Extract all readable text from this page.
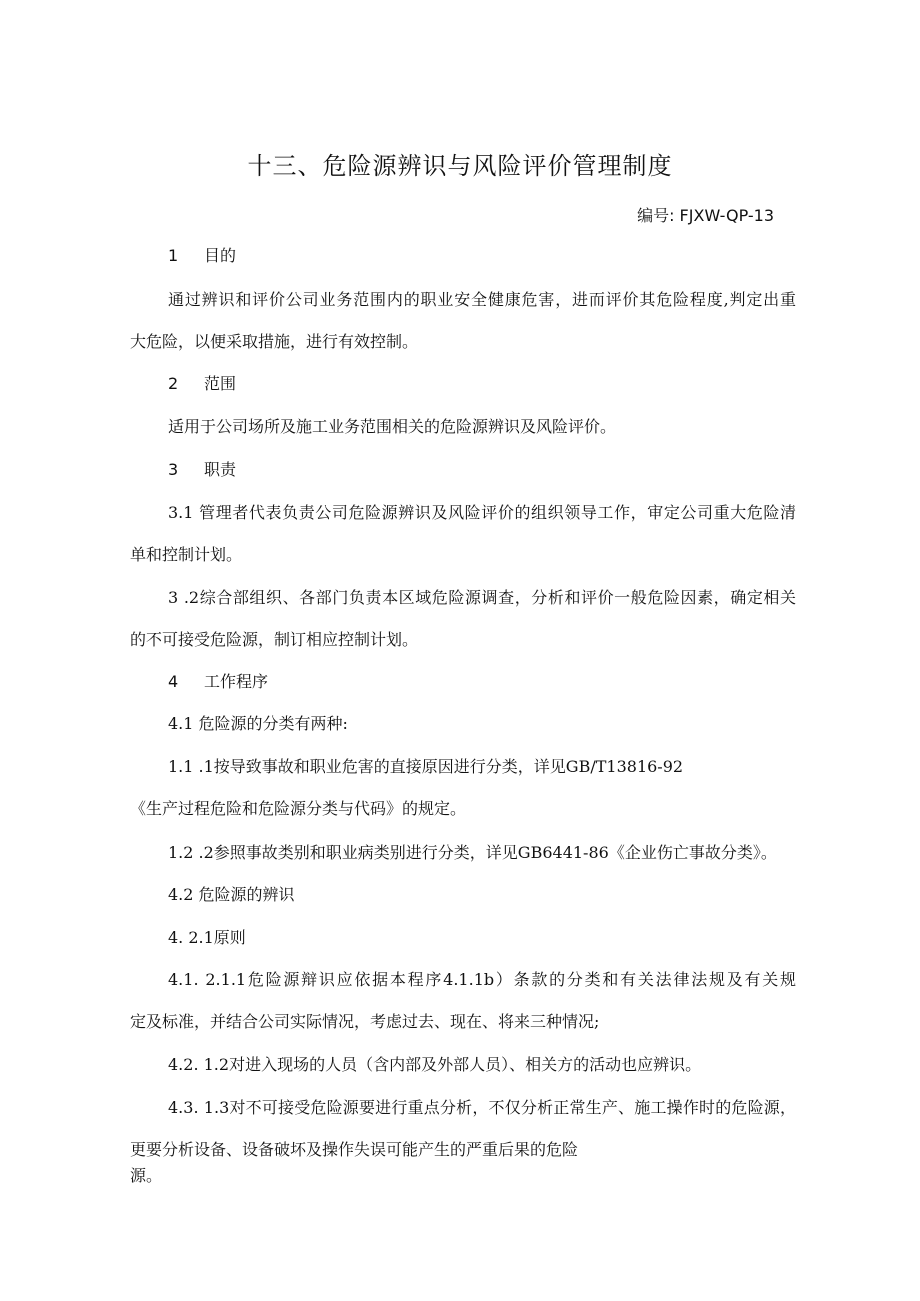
十三、危险源辨识与风险评价管理制度
编号: FJXW-QP-13
1 目的
通过辨识和评价公司业务范围内的职业安全健康危害，进而评价其危险程度,判定出重
大危险，以便采取措施，进行有效控制。
2 范围
适用于公司场所及施工业务范围相关的危险源辨识及风险评价。
3 职责
3.1 管理者代表负责公司危险源辨识及风险评价的组织领导工作，审定公司重大危险清
单和控制计划。
3 .2综合部组织、各部门负责本区域危险源调查，分析和评价一般危险因素，确定相关
的不可接受危险源，制订相应控制计划。
4 工作程序
4.1 危险源的分类有两种:
1.1 .1按导致事故和职业危害的直接原因进行分类，详见GB/T13816-92
《生产过程危险和危险源分类与代码》的规定。
1.2 .2参照事故类别和职业病类别进行分类，详见GB6441-86《企业伤亡事故分类》。
4.2 危险源的辨识
4. 2.1原则
4.1. 2.1.1危险源辩识应依据本程序4.1.1b）条款的分类和有关法律法规及有关规
定及标准，并结合公司实际情况，考虑过去、现在、将来三种情况;
4.2. 1.2对进入现场的人员（含内部及外部人员）、相关方的活动也应辨识。
4.3. 1.3对不可接受危险源要进行重点分析，不仅分析正常生产、施工操作时的危险源，
更要分析设备、设备破坏及操作失误可能产生的严重后果的危险
源。
